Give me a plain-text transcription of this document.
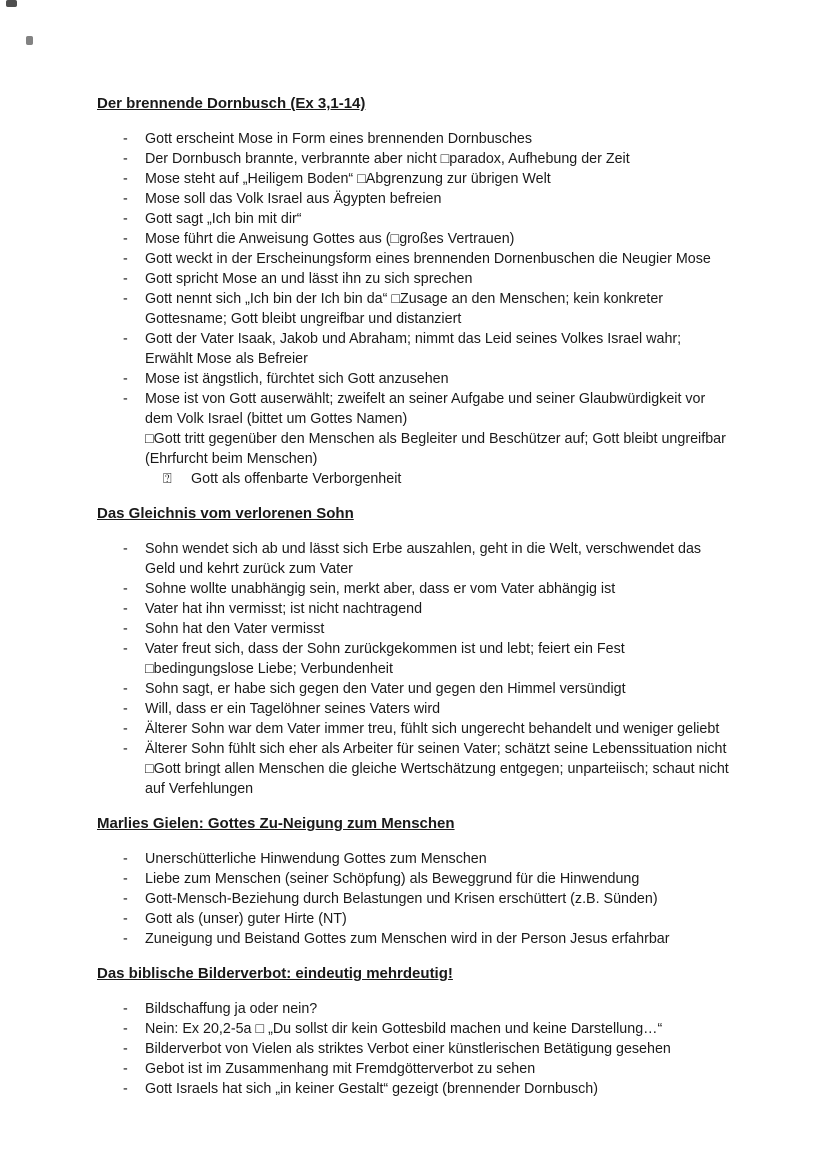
Der brennende Dornbusch (Ex 3,1-14)
-	Gott erscheint Mose in Form eines brennenden Dornbusches
-	Der Dornbusch brannte, verbrannte aber nicht □paradox, Aufhebung der Zeit
-	Mose steht auf „Heiligem Boden“ □Abgrenzung zur übrigen Welt
-	Mose soll das Volk Israel aus Ägypten befreien
-	Gott sagt „Ich bin mit dir“
-	Mose führt die Anweisung Gottes aus (□großes Vertrauen)
-	Gott weckt in der Erscheinungsform eines brennenden Dornenbuschen die Neugier Mose
-	Gott spricht Mose an und lässt ihn zu sich sprechen
-	Gott nennt sich „Ich bin der Ich bin da“ □Zusage an den Menschen; kein konkreter Gottesname; Gott bleibt ungreifbar und distanziert
-	Gott der Vater Isaak, Jakob und Abraham; nimmt das Leid seines Volkes Israel wahr; Erwählt Mose als Befreier
-	Mose ist ängstlich, fürchtet sich Gott anzusehen
-	Mose ist von Gott auserwählt; zweifelt an seiner Aufgabe und seiner Glaubwürdigkeit vor dem Volk Israel (bittet um Gottes Namen)
□Gott tritt gegenüber den Menschen als Begleiter und Beschützer auf; Gott bleibt ungreifbar (Ehrfurcht beim Menschen)
⍰	Gott als offenbarte Verborgenheit
Das Gleichnis vom verlorenen Sohn
-	Sohn wendet sich ab und lässt sich Erbe auszahlen, geht in die Welt, verschwendet das Geld und kehrt zurück zum Vater
-	Sohne wollte unabhängig sein, merkt aber, dass er vom Vater abhängig ist
-	Vater hat ihn vermisst; ist nicht nachtragend
-	Sohn hat den Vater vermisst
-	Vater freut sich, dass der Sohn zurückgekommen ist und lebt; feiert ein Fest □bedingungslose Liebe; Verbundenheit
-	Sohn sagt, er habe sich gegen den Vater und gegen den Himmel versündigt
-	Will, dass er ein Tagelöhner seines Vaters wird
-	Älterer Sohn war dem Vater immer treu, fühlt sich ungerecht behandelt und weniger geliebt
-	Älterer Sohn fühlt sich eher als Arbeiter für seinen Vater; schätzt seine Lebenssituation nicht
□Gott bringt allen Menschen die gleiche Wertschätzung entgegen; unparteiisch; schaut nicht auf Verfehlungen
Marlies Gielen: Gottes Zu-Neigung zum Menschen
-	Unerschütterliche Hinwendung Gottes zum Menschen
-	Liebe zum Menschen (seiner Schöpfung) als Beweggrund für die Hinwendung
-	Gott-Mensch-Beziehung durch Belastungen und Krisen erschüttert (z.B. Sünden)
-	Gott als (unser) guter Hirte (NT)
-	Zuneigung und Beistand Gottes zum Menschen wird in der Person Jesus erfahrbar
Das biblische Bilderverbot: eindeutig mehrdeutig!
-	Bildschaffung ja oder nein?
-	Nein: Ex 20,2-5a □ „Du sollst dir kein Gottesbild machen und keine Darstellung…“
-	Bilderverbot von Vielen als striktes Verbot einer künstlerischen Betätigung gesehen
-	Gebot ist im Zusammenhang mit Fremdgötterverbot zu sehen
-	Gott Israels hat sich „in keiner Gestalt“ gezeigt (brennender Dornbusch)
